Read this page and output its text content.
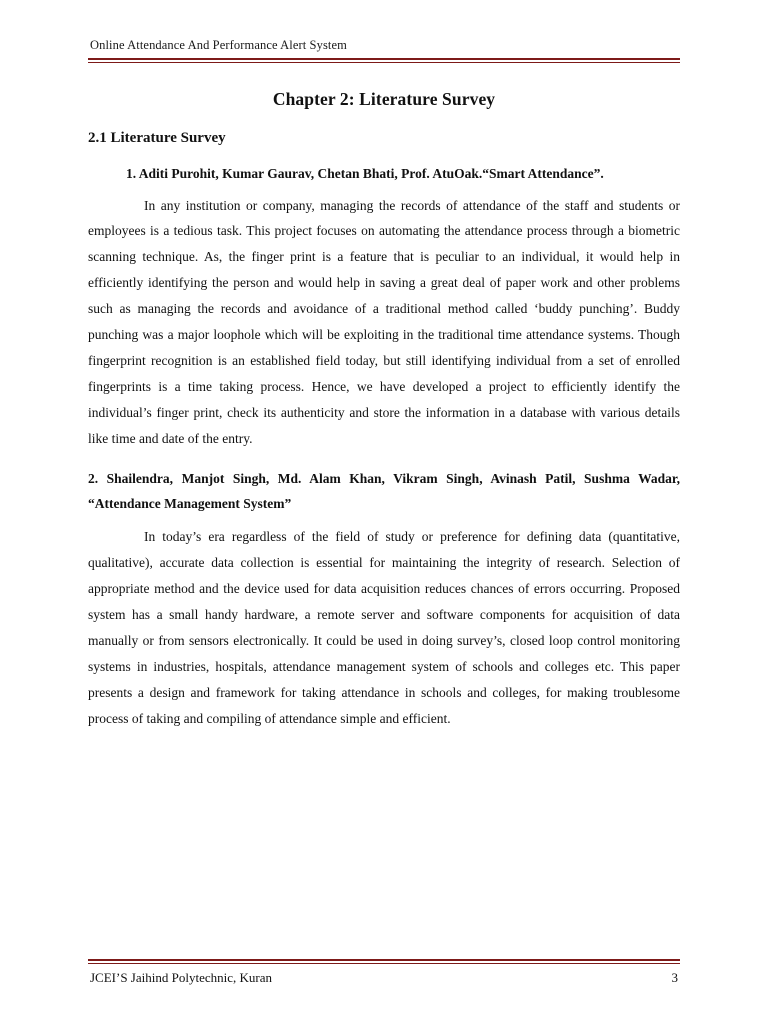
Online Attendance And Performance Alert System
Chapter 2: Literature Survey
2.1 Literature Survey
1. Aditi Purohit, Kumar Gaurav, Chetan Bhati, Prof. AtuOak.“Smart Attendance”.

In any institution or company, managing the records of attendance of the staff and students or employees is a tedious task. This project focuses on automating the attendance process through a biometric scanning technique. As, the finger print is a feature that is peculiar to an individual, it would help in efficiently identifying the person and would help in saving a great deal of paper work and other problems such as managing the records and avoidance of a traditional method called ‘buddy punching’. Buddy punching was a major loophole which will be exploiting in the traditional time attendance systems. Though fingerprint recognition is an established field today, but still identifying individual from a set of enrolled fingerprints is a time taking process. Hence, we have developed a project to efficiently identify the individual’s finger print, check its authenticity and store the information in a database with various details like time and date of the entry.

2. Shailendra, Manjot Singh, Md. Alam Khan, Vikram Singh, Avinash Patil, Sushma Wadar, “Attendance Management System”

In today’s era regardless of the field of study or preference for defining data (quantitative, qualitative), accurate data collection is essential for maintaining the integrity of research. Selection of appropriate method and the device used for data acquisition reduces chances of errors occurring. Proposed system has a small handy hardware, a remote server and software components for acquisition of data manually or from sensors electronically. It could be used in doing survey’s, closed loop control monitoring systems in industries, hospitals, attendance management system of schools and colleges etc. This paper presents a design and framework for taking attendance in schools and colleges, for making troublesome process of taking and compiling of attendance simple and efficient.

JCEI’S Jaihind Polytechnic, Kuran	3
